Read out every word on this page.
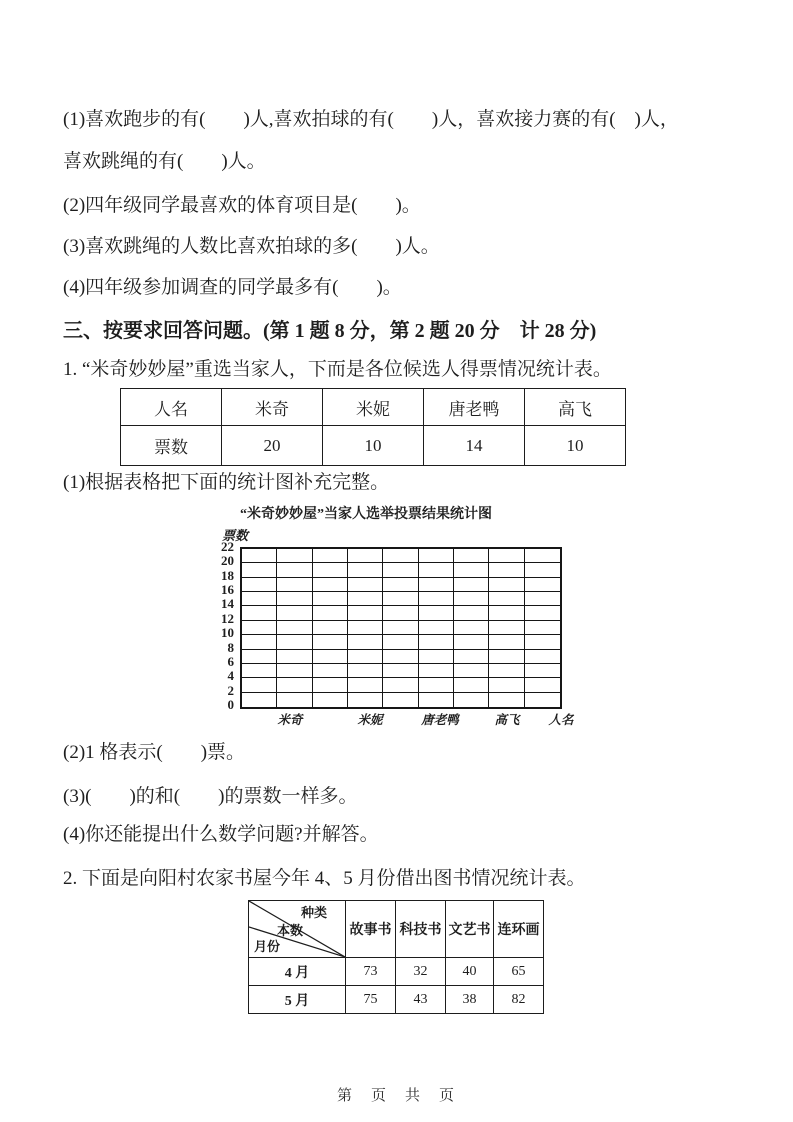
(1)喜欢跑步的有(　　)人,喜欢拍球的有(　　)人，喜欢接力赛的有(　)人，
喜欢跳绳的有(　　)人。
(2)四年级同学最喜欢的体育项目是(　　)。
(3)喜欢跳绳的人数比喜欢拍球的多(　　)人。
(4)四年级参加调查的同学最多有(　　)。
三、按要求回答问题。(第 1 题 8 分，第 2 题 20 分　计 28 分)
1. “米奇妙妙屋”重选当家人，下而是各位候选人得票情况统计表。
人名	米奇	米妮	唐老鸭	高飞
票数	20	10	14	10
(1)根据表格把下面的统计图补充完整。
“米奇妙妙屋”当家人选举投票结果统计图
票数
22
20
18
16
14
12
10
8
6
4
2
0
米奇	米妮	唐老鸭	高飞 人名
(2)1 格表示(　　)票。
(3)(　　)的和(　　)的票数一样多。
(4)你还能提出什么数学问题?并解答。
2. 下面是向阳村农家书屋今年 4、5 月份借出图书情况统计表。
种类
本数
月份	故事书	科技书	文艺书	连环画
4 月	73	32	40	65
5 月	75	43	38	82
第　页　共　页
